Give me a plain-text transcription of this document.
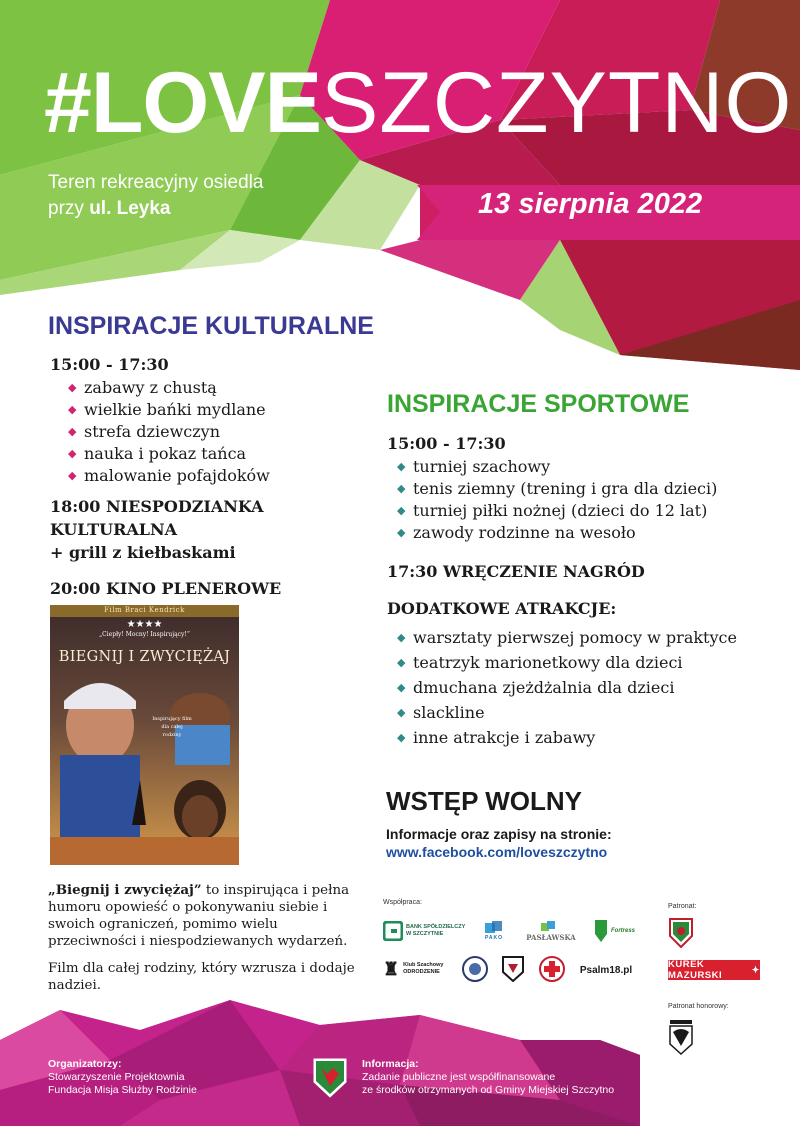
#LOVESZCZYTNO
Teren rekreacyjny osiedla
przy ul. Leyka	13 sierpnia 2022
INSPIRACJE KULTURALNE
15:00 - 17:30
◆ zabawy z chustą
◆ wielkie bańki mydlane
◆ strefa dziewczyn
◆ nauka i pokaz tańca
◆ malowanie pofajdoków
18:00 NIESPODZIANKA
KULTURALNA
+ grill z kiełbaskami
20:00 KINO PLENEROWE
Film Braci Kendrick
★★★★
„Ciepły! Mocny! Inspirujący!”
BIEGNIJ I ZWYCIĘŻAJ
Inspirujący film dla całej rodziny

„Biegnij i zwyciężaj” to inspirująca i pełna humoru opowieść o pokonywaniu siebie i swoich ograniczeń, pomimo wielu przeciwności i niespodziewanych wydarzeń.

Film dla całej rodziny, który wzrusza i dodaje nadziei.

INSPIRACJE SPORTOWE
15:00 - 17:30
◆ turniej szachowy
◆ tenis ziemny (trening i gra dla dzieci)
◆ turniej piłki nożnej (dzieci do 12 lat)
◆ zawody rodzinne na wesoło
17:30 WRĘCZENIE NAGRÓD
DODATKOWE ATRAKCJE:
◆ warsztaty pierwszej pomocy w praktyce
◆ teatrzyk marionetkowy dla dzieci
◆ dmuchana zjeżdżalnia dla dzieci
◆ slackline
◆ inne atrakcje i zabawy
WSTĘP WOLNY
Informacje oraz zapisy na stronie:
www.facebook.com/loveszczytno
Współpraca:
BANK SPÓŁDZIELCZY W SZCZYTNIE
PAKO	PASŁAWSKA
Fortress
♜ Klub Szachowy
ODRODZENIE	Psalm18.pl
Patronat:
KUREK MAZURSKI	✦
Patronat honorowy:
Organizatorzy:
Stowarzyszenie Projektownia
Fundacja Misja Służby Rodzinie
Informacja:
Zadanie publiczne jest współfinansowane
ze środków otrzymanych od Gminy Miejskiej Szczytno
